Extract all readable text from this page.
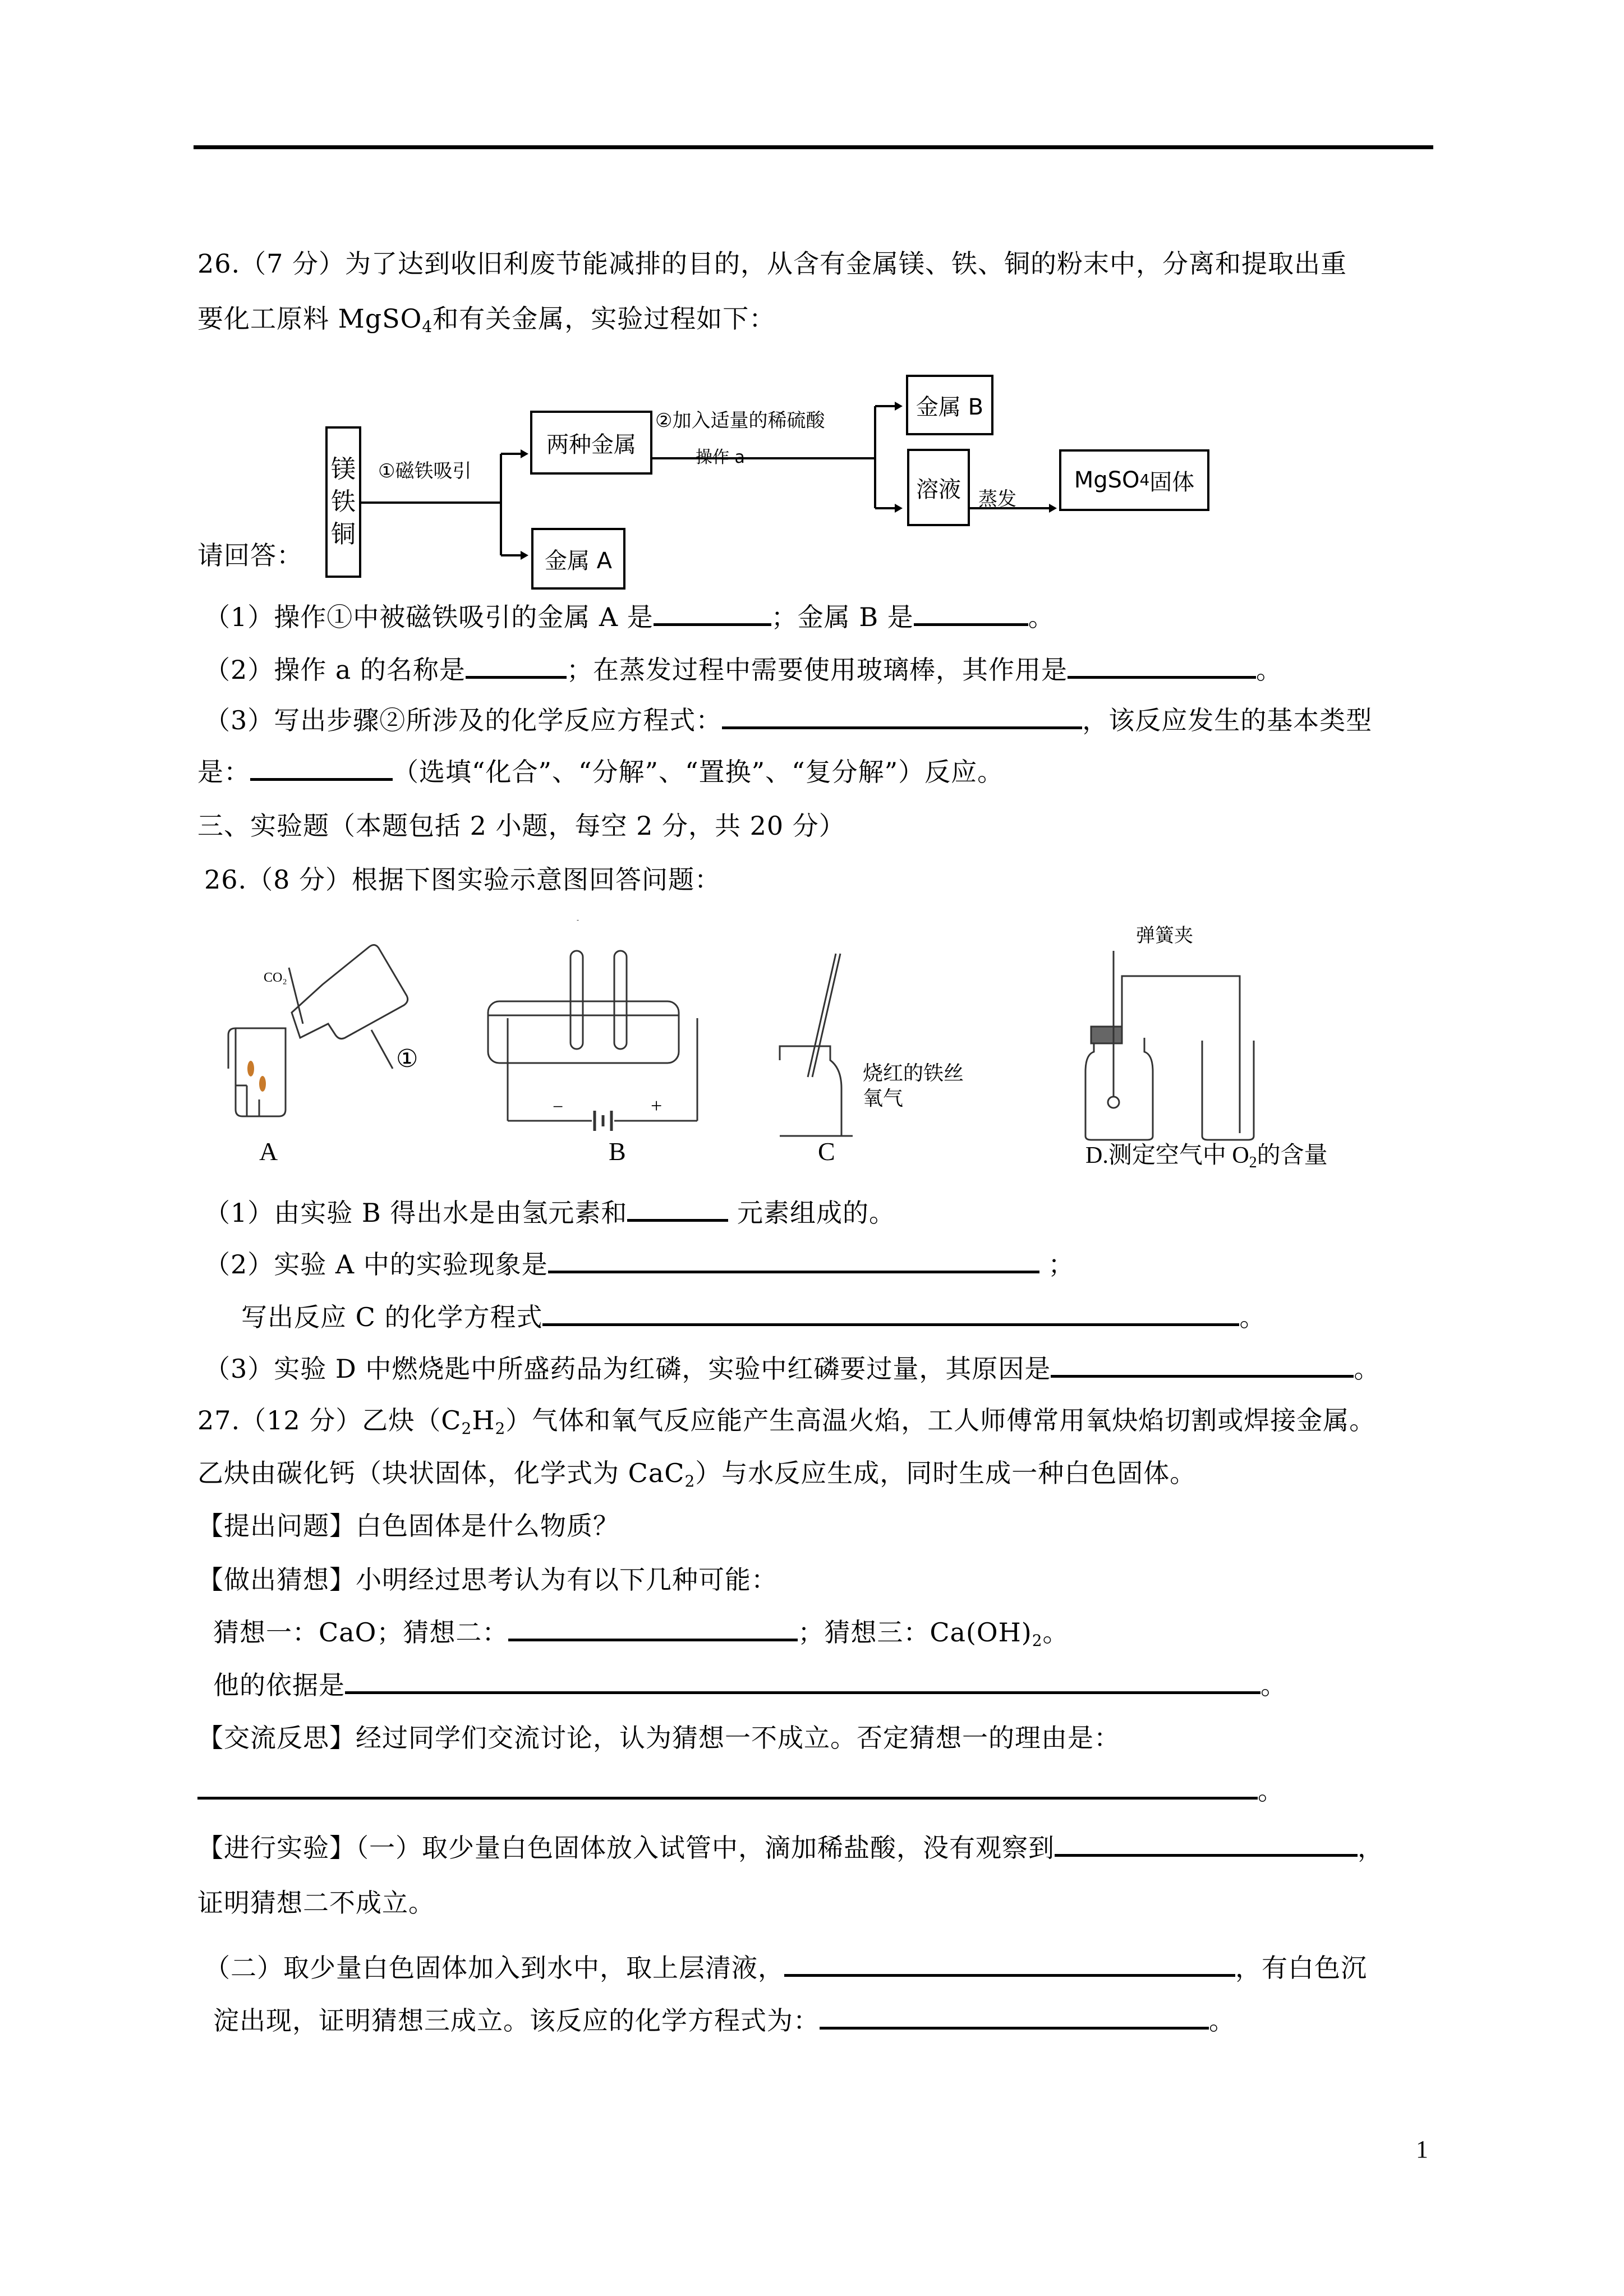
26.（7 分）为了达到收旧利废节能减排的目的，从含有金属镁、铁、铜的粉末中，分离和提取出重
要化工原料 MgSO$_4$和有关金属，实验过程如下：
镁
铁
铜
①磁铁吸引
两种金属
金属 A
②加入适量的稀硫酸
操作 a
金属 B
溶液 蒸发
MgSO 4 固体
请回答：
（1）操作①中被磁铁吸引的金属 A 是	；金属 B 是	。
（2）操作 a 的名称是	；在蒸发过程中需要使用玻璃棒，其作用是	。
（3）写出步骤②所涉及的化学反应方程式：	，该反应发生的基本类型
是：	（选填“化合”、“分解”、“置换”、“复分解”）反应。
三、实验题（本题包括 2 小题，每空 2 分，共 20 分）
26.（8 分）根据下图实验示意图回答问题：
CO₂
①
A
−	+
B
烧红的铁丝
氧气
C
弹簧夹
D.测定空气中 $O_2$的含量
（1）由实验 B 得出水是由氢元素和	元素组成的。
（2）实验 A 中的实验现象是	；
写出反应 C 的化学方程式	。
（3）实验 D 中燃烧匙中所盛药品为红磷，实验中红磷要过量，其原因是	。
27.（12 分）乙炔$(C_2H_2)$气体和氧气反应能产生高温火焰，工人师傅常用氧炔焰切割或焊接金属。
乙炔由碳化钙（块状固体，化学式为 CaC$_2$）与水反应生成，同时生成一种白色固体。
【提出问题】白色固体是什么物质？
【做出猜想】小明经过思考认为有以下几种可能：
猜想一：CaO；猜想二：	；猜想三：$Ca(OH)_2$。
他的依据是	。
【交流反思】经过同学们交流讨论，认为猜想一不成立。否定猜想一的理由是：
。
【进行实验】（一）取少量白色固体放入试管中，滴加稀盐酸，没有观察到	，
证明猜想二不成立。
（二）取少量白色固体加入到水中，取上层清液，	，有白色沉
淀出现，证明猜想三成立。该反应的化学方程式为：	。
1
